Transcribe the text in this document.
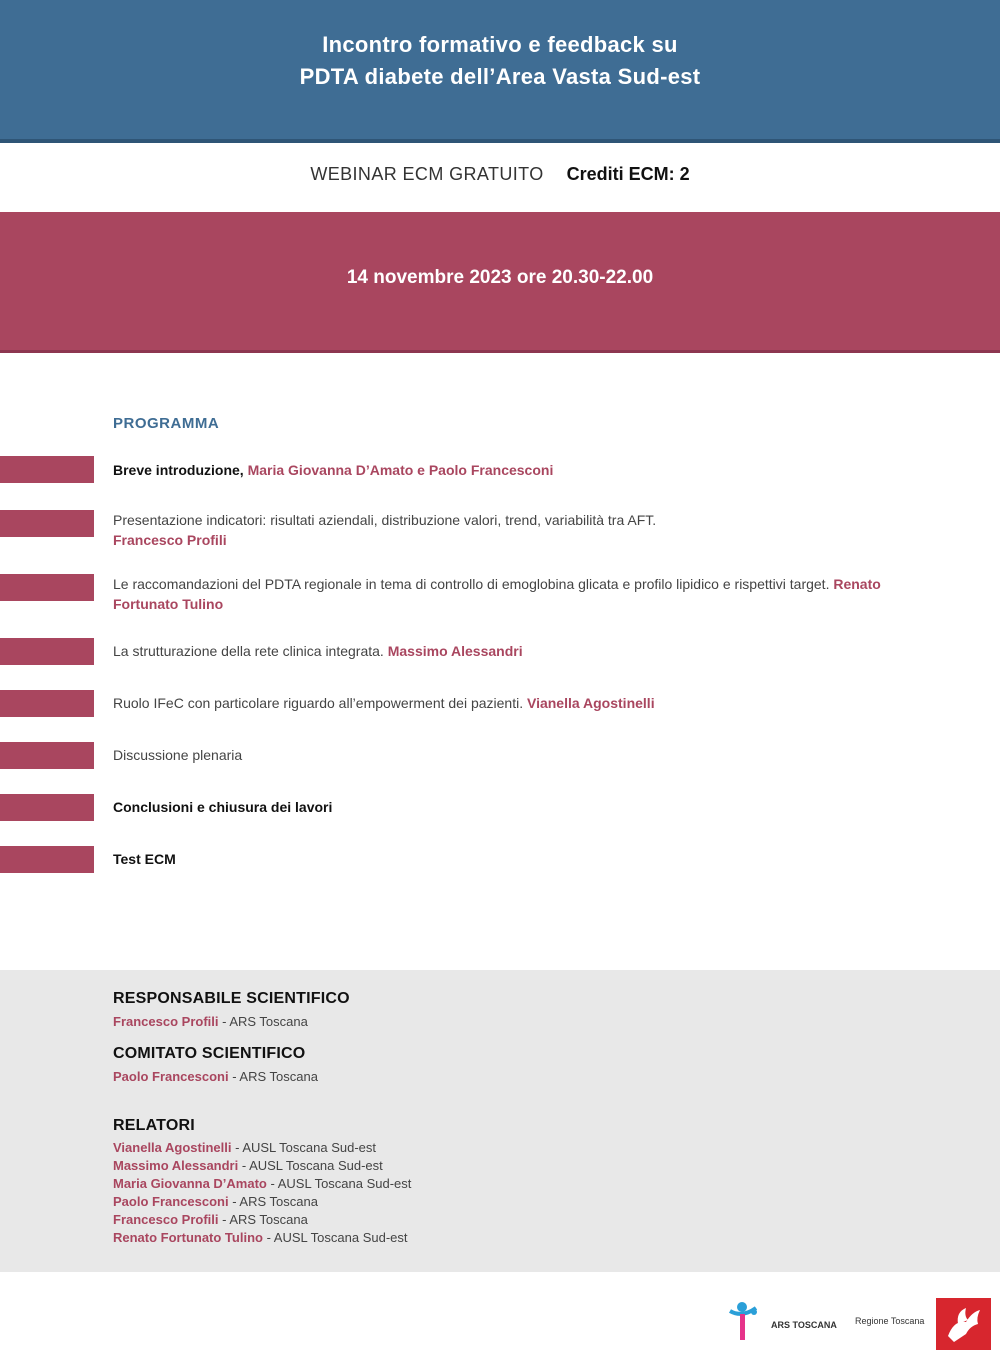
Incontro formativo e feedback su
PDTA diabete dell’Area Vasta Sud-est
WEBINAR ECM GRATUITO Crediti ECM: 2
14 novembre 2023 ore 20.30-22.00
PROGRAMMA
Breve introduzione, Maria Giovanna D’Amato e Paolo Francesconi
Presentazione indicatori: risultati aziendali, distribuzione valori, trend, variabilità tra AFT.
Francesco Profili
Le raccomandazioni del PDTA regionale in tema di controllo di emoglobina glicata e profilo lipidico e rispettivi target. Renato Fortunato Tulino
La strutturazione della rete clinica integrata. Massimo Alessandri
Ruolo IFeC con particolare riguardo all’empowerment dei pazienti. Vianella Agostinelli
Discussione plenaria
Conclusioni e chiusura dei lavori
Test ECM
RESPONSABILE SCIENTIFICO
Francesco Profili - ARS Toscana
COMITATO SCIENTIFICO
Paolo Francesconi - ARS Toscana
RELATORI
Vianella Agostinelli - AUSL Toscana Sud-est
Massimo Alessandri - AUSL Toscana Sud-est
Maria Giovanna D’Amato - AUSL Toscana Sud-est
Paolo Francesconi - ARS Toscana
Francesco Profili - ARS Toscana
Renato Fortunato Tulino - AUSL Toscana Sud-est
ARS TOSCANA Regione Toscana
